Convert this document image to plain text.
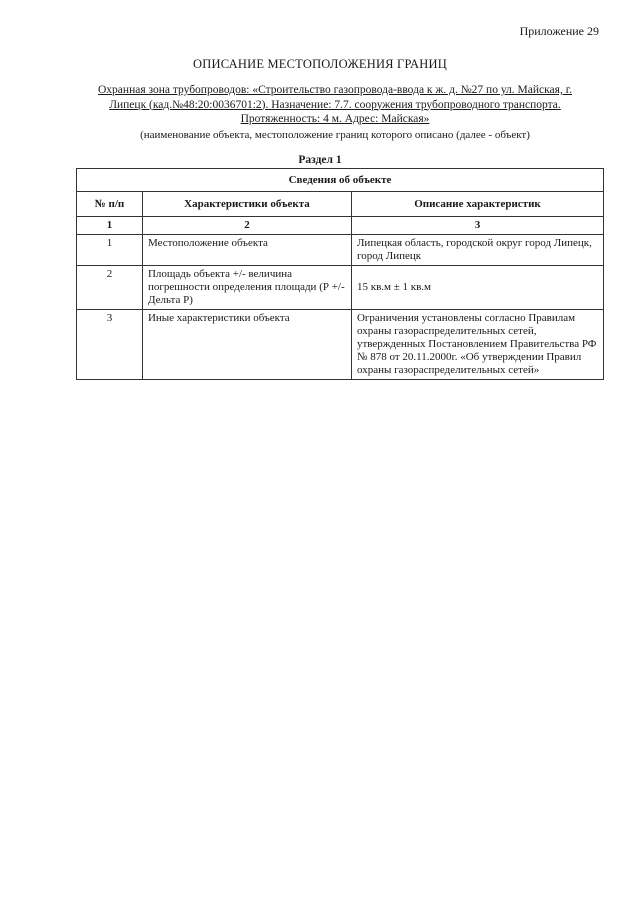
Приложение 29
ОПИСАНИЕ МЕСТОПОЛОЖЕНИЯ ГРАНИЦ
Охранная зона трубопроводов: «Строительство газопровода-ввода к ж. д. №27 по ул. Майская, г.
Липецк (кад.№48:20:0036701:2). Назначение: 7.7. сооружения трубопроводного транспорта.
Протяженность: 4 м. Адрес: Майская»
(наименование объекта, местоположение границ которого описано (далее - объект)
Раздел 1
Сведения об объекте		
№ п/п	Характеристики объекта	Описание характеристик
1	2	3
1	Местоположение объекта	Липецкая область, городской округ город Липецк, город Липецк
2	Площадь объекта +/- величина погрешности определения площади (Р +/- Дельта Р)	15 кв.м ± 1 кв.м
3	Иные характеристики объекта	Ограничения установлены согласно Правилам охраны газораспределительных сетей, утвержденных Постановлением Правительства РФ № 878 от 20.11.2000г. «Об утверждении Правил охраны газораспределительных сетей»
